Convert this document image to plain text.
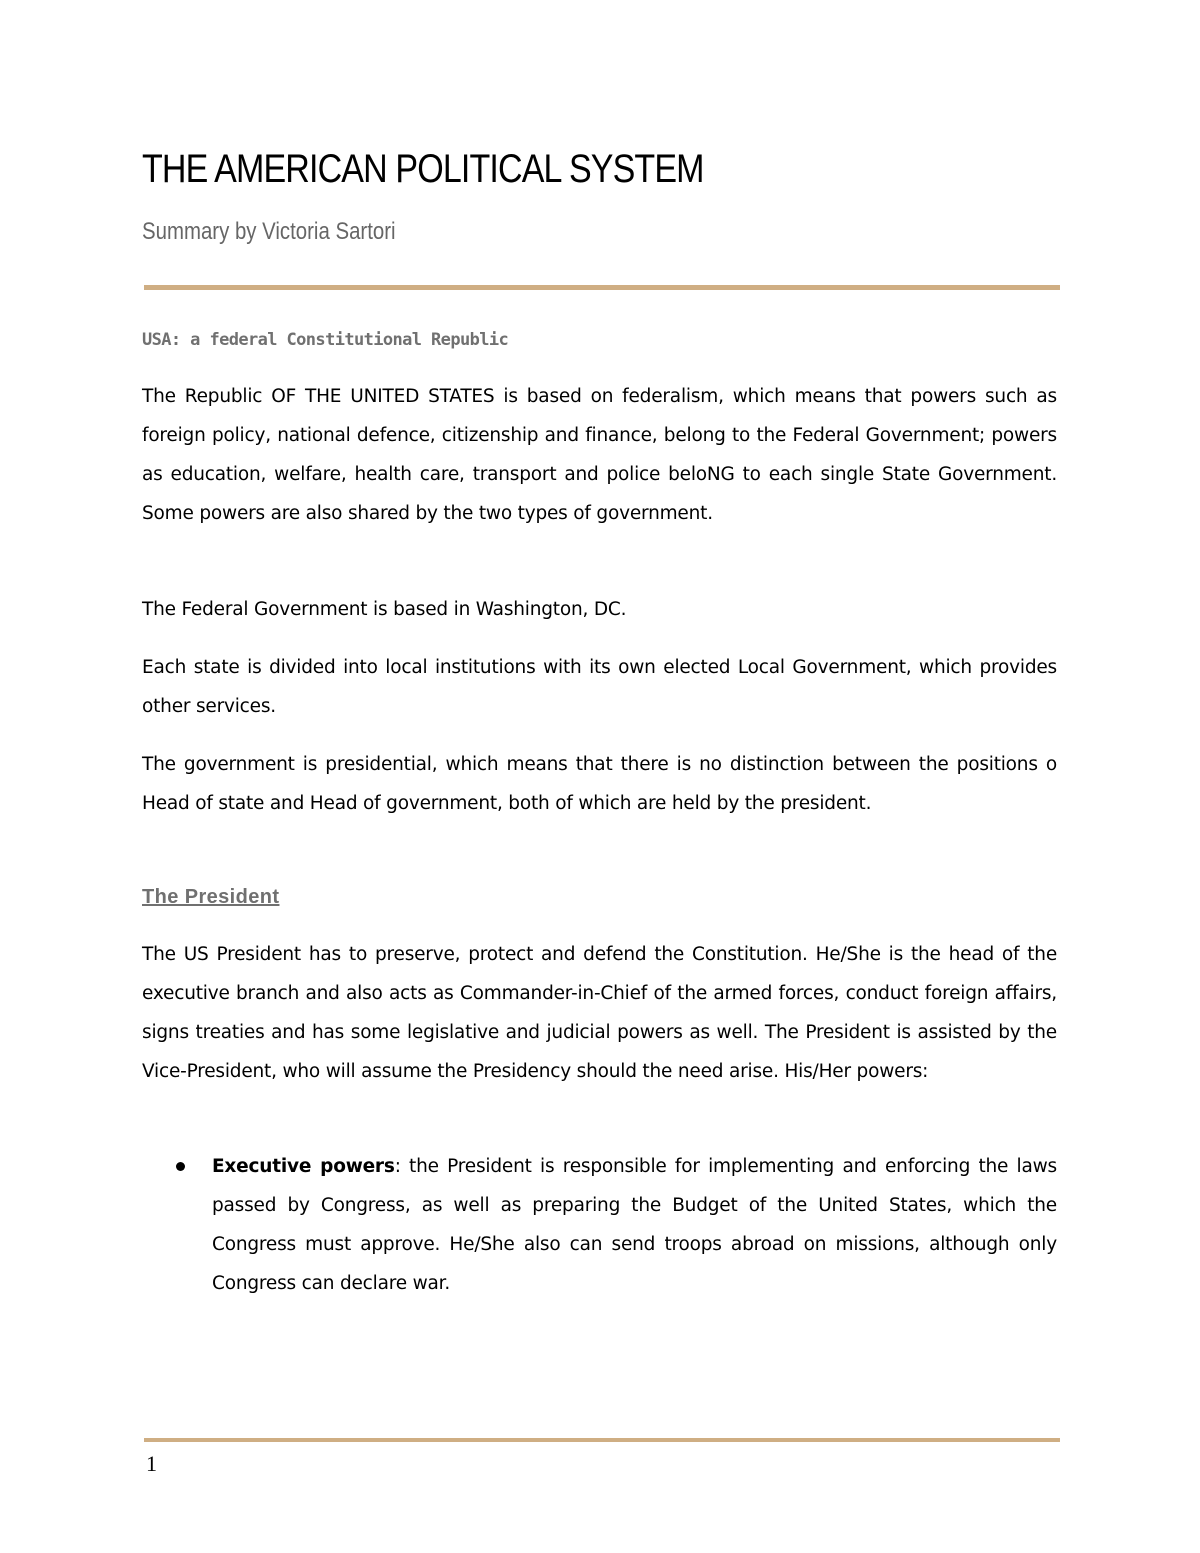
THE AMERICAN POLITICAL SYSTEM
Summary by Victoria Sartori
USA: a federal Constitutional Republic

The Republic OF THE UNITED STATES is based on federalism, which means that powers such as foreign policy, national defence, citizenship and finance, belong to the Federal Government; powers as education, welfare, health care, transport and police beloNG to each single State Government. Some powers are also shared by the two types of government.

The Federal Government is based in Washington, DC.

Each state is divided into local institutions with its own elected Local Government, which provides other services.

The government is presidential, which means that there is no distinction between the positions o Head of state and Head of government, both of which are held by the president.

The President

The US President has to preserve, protect and defend the Constitution. He/She is the head of the executive branch and also acts as Commander-in-Chief of the armed forces, conduct foreign affairs, signs treaties and has some legislative and judicial powers as well. The President is assisted by the Vice-President, who will assume the Presidency should the need arise. His/Her powers:

Executive powers: the President is responsible for implementing and enforcing the laws passed by Congress, as well as preparing the Budget of the United States, which the Congress must approve. He/She also can send troops abroad on missions, although only Congress can declare war.
1
